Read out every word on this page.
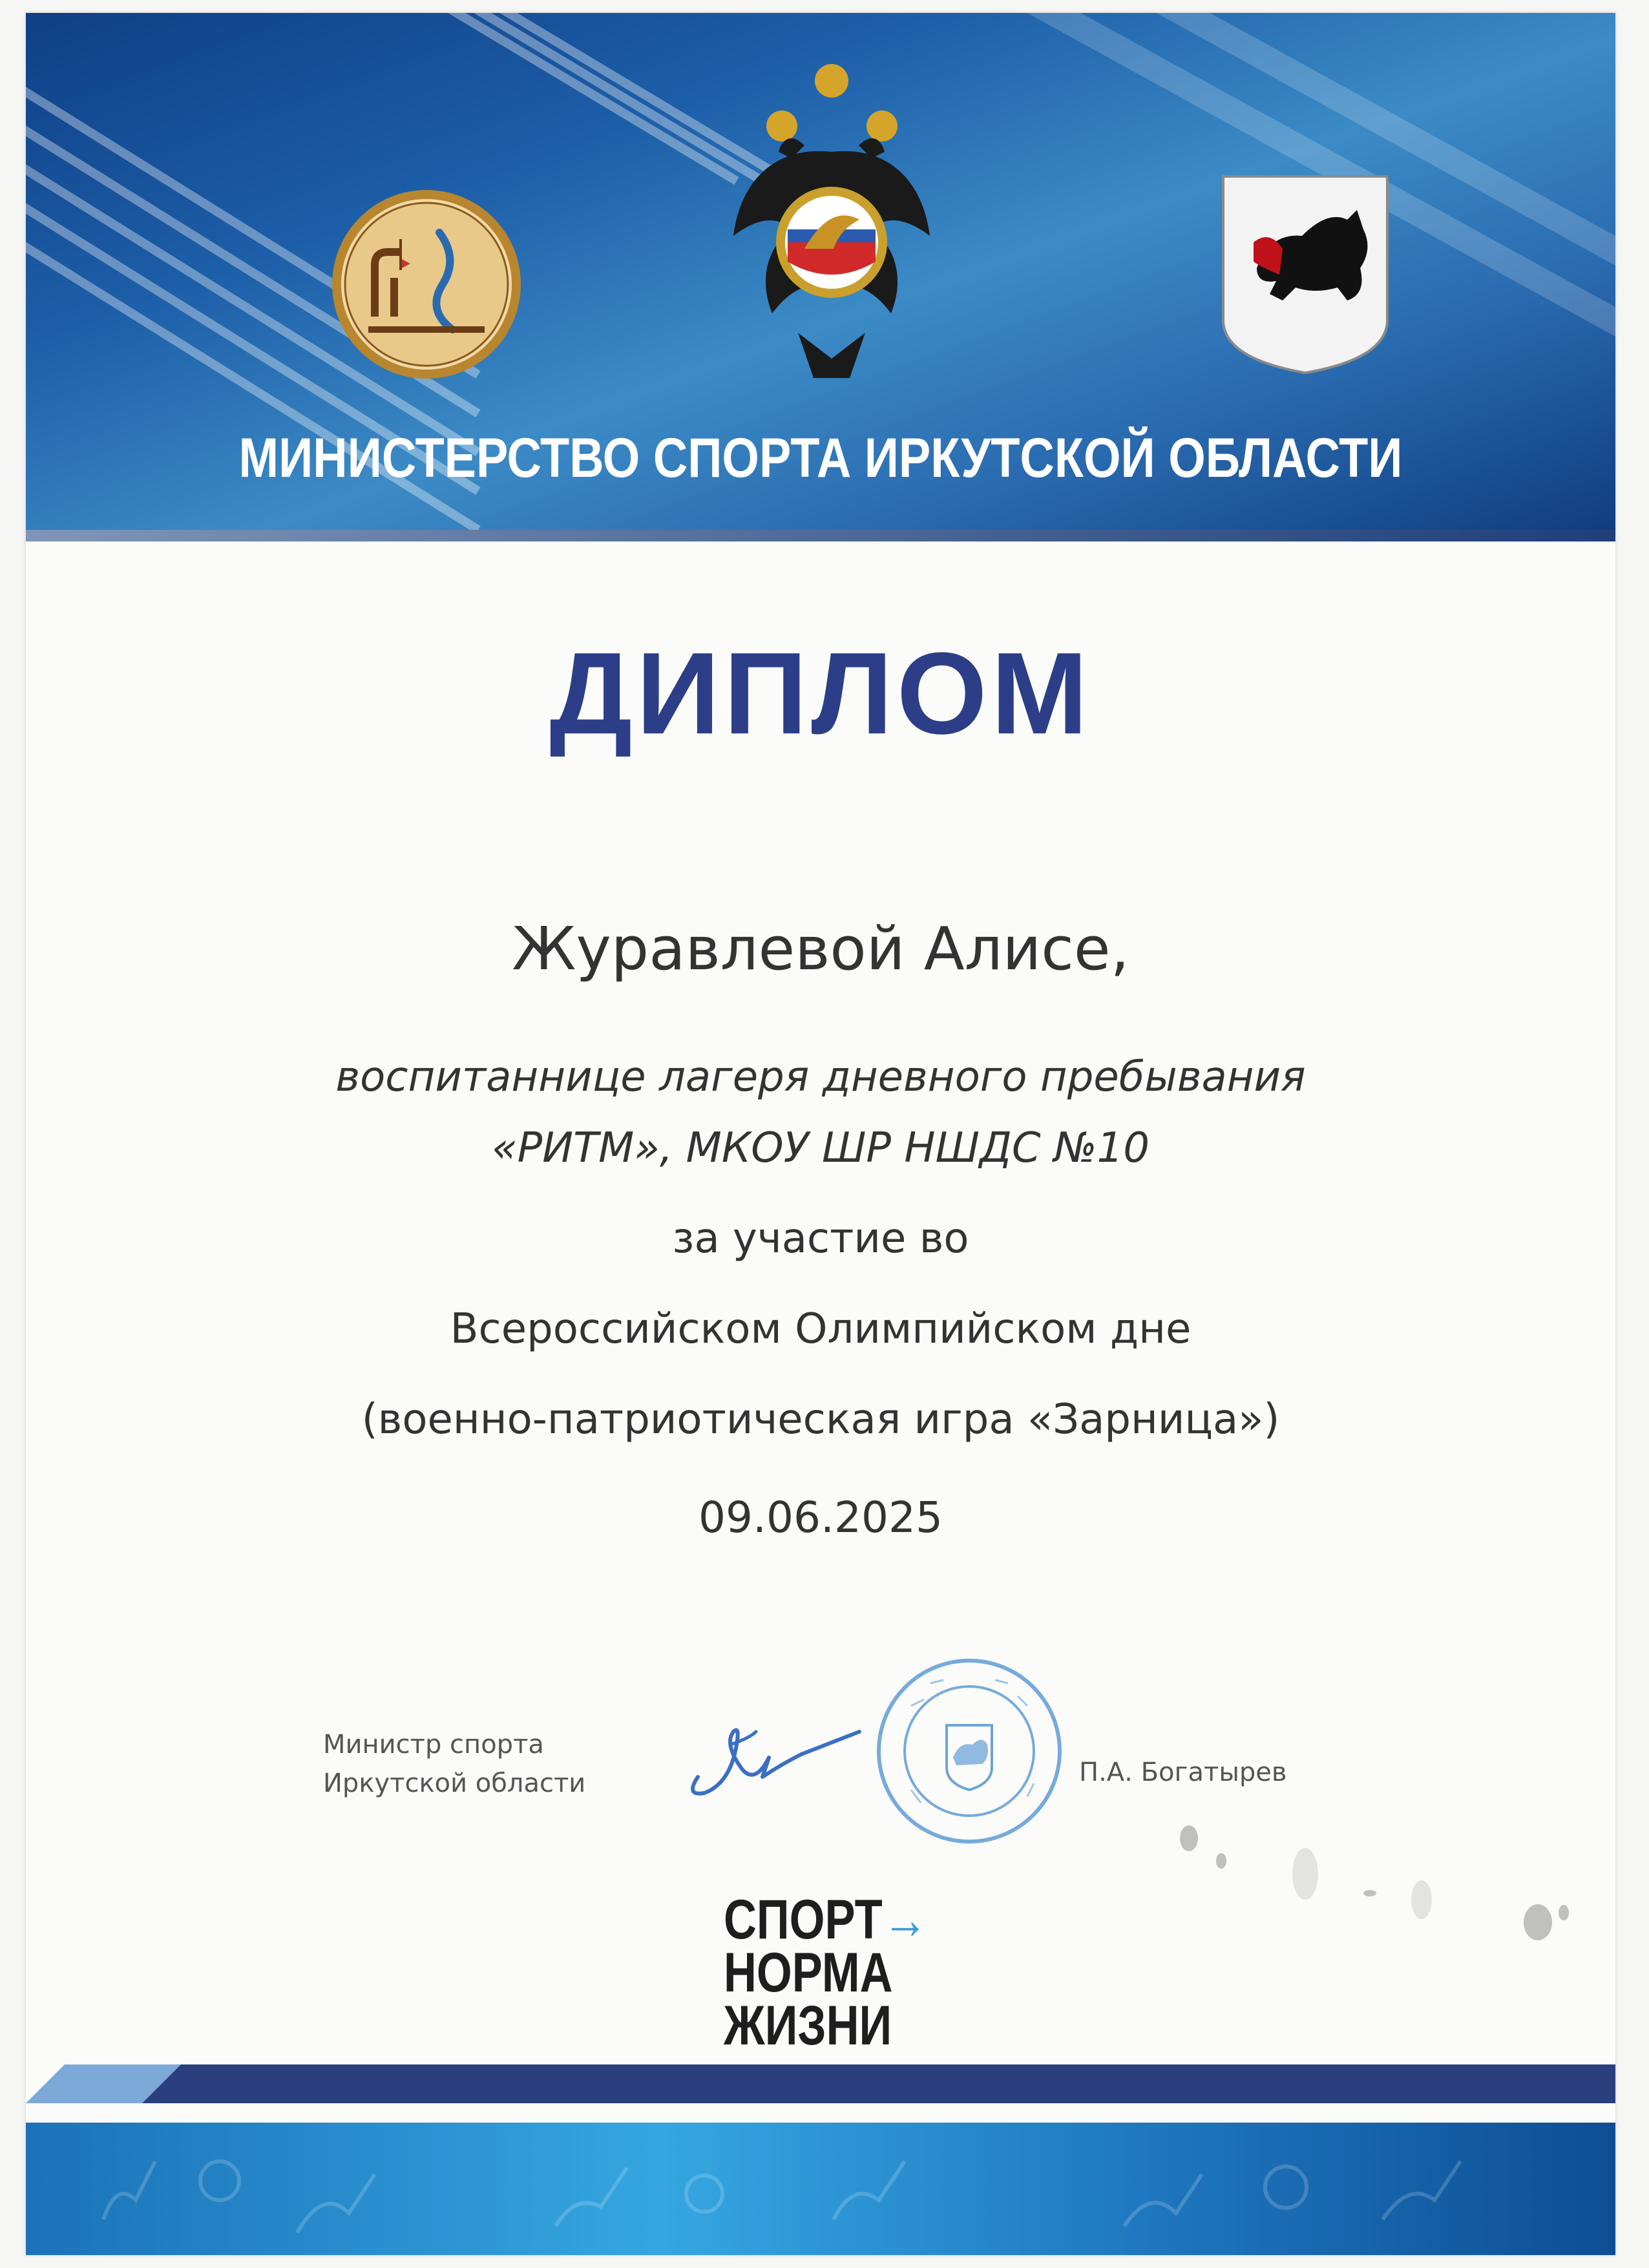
МИНИСТЕРСТВО СПОРТА ИРКУТСКОЙ ОБЛАСТИ
ДИПЛОМ
Журавлевой Алисе,
воспитаннице лагеря дневного пребывания
«РИТМ», МКОУ ШР НШДС №10
за участие во
Всероссийском Олимпийском дне
(военно-патриотическая игра «Зарница»)
09.06.2025
Министр спорта
Иркутской области	П.А. Богатырев
СПОРТ→
НОРМА
ЖИЗНИ
